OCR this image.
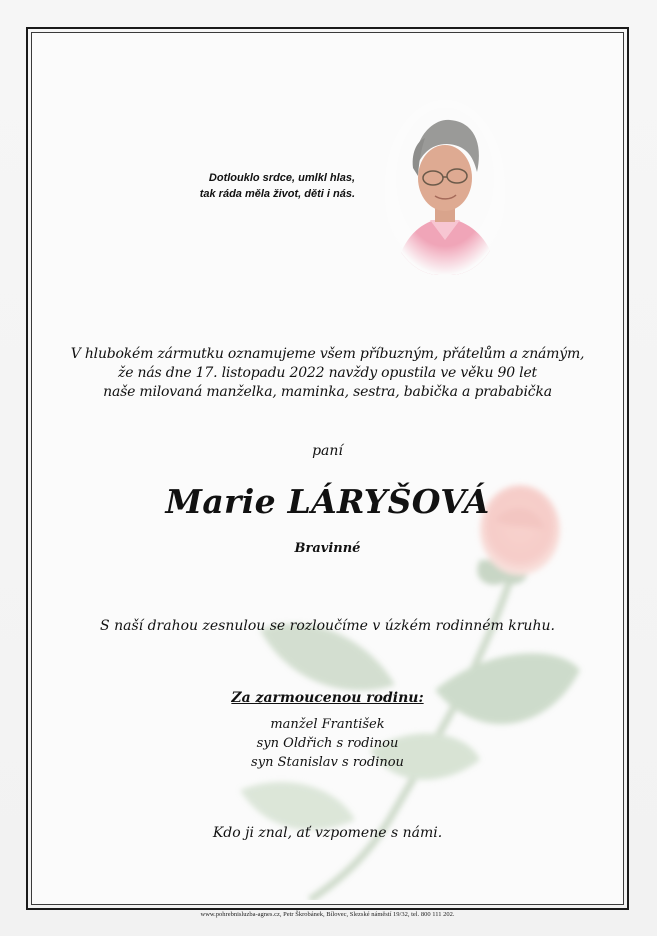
Dotlouklo srdce, umlkl hlas,
tak ráda měla život, děti i nás.
V hlubokém zármutku oznamujeme všem příbuzným, přátelům a známým,
že nás dne 17. listopadu 2022 navždy opustila ve věku 90 let
naše milovaná manželka, maminka, sestra, babička a prababička
paní
Marie LÁRYŠOVÁ
Bravinné
S naší drahou zesnulou se rozloučíme v úzkém rodinném kruhu.
Za zarmoucenou rodinu:
manžel František
syn Oldřich s rodinou
syn Stanislav s rodinou
Kdo ji znal, ať vzpomene s námi.
www.pohrebnisluzba-agnes.cz, Petr Škrobánek, Bílovec, Slezské náměstí 19/32, tel. 800 111 202.
